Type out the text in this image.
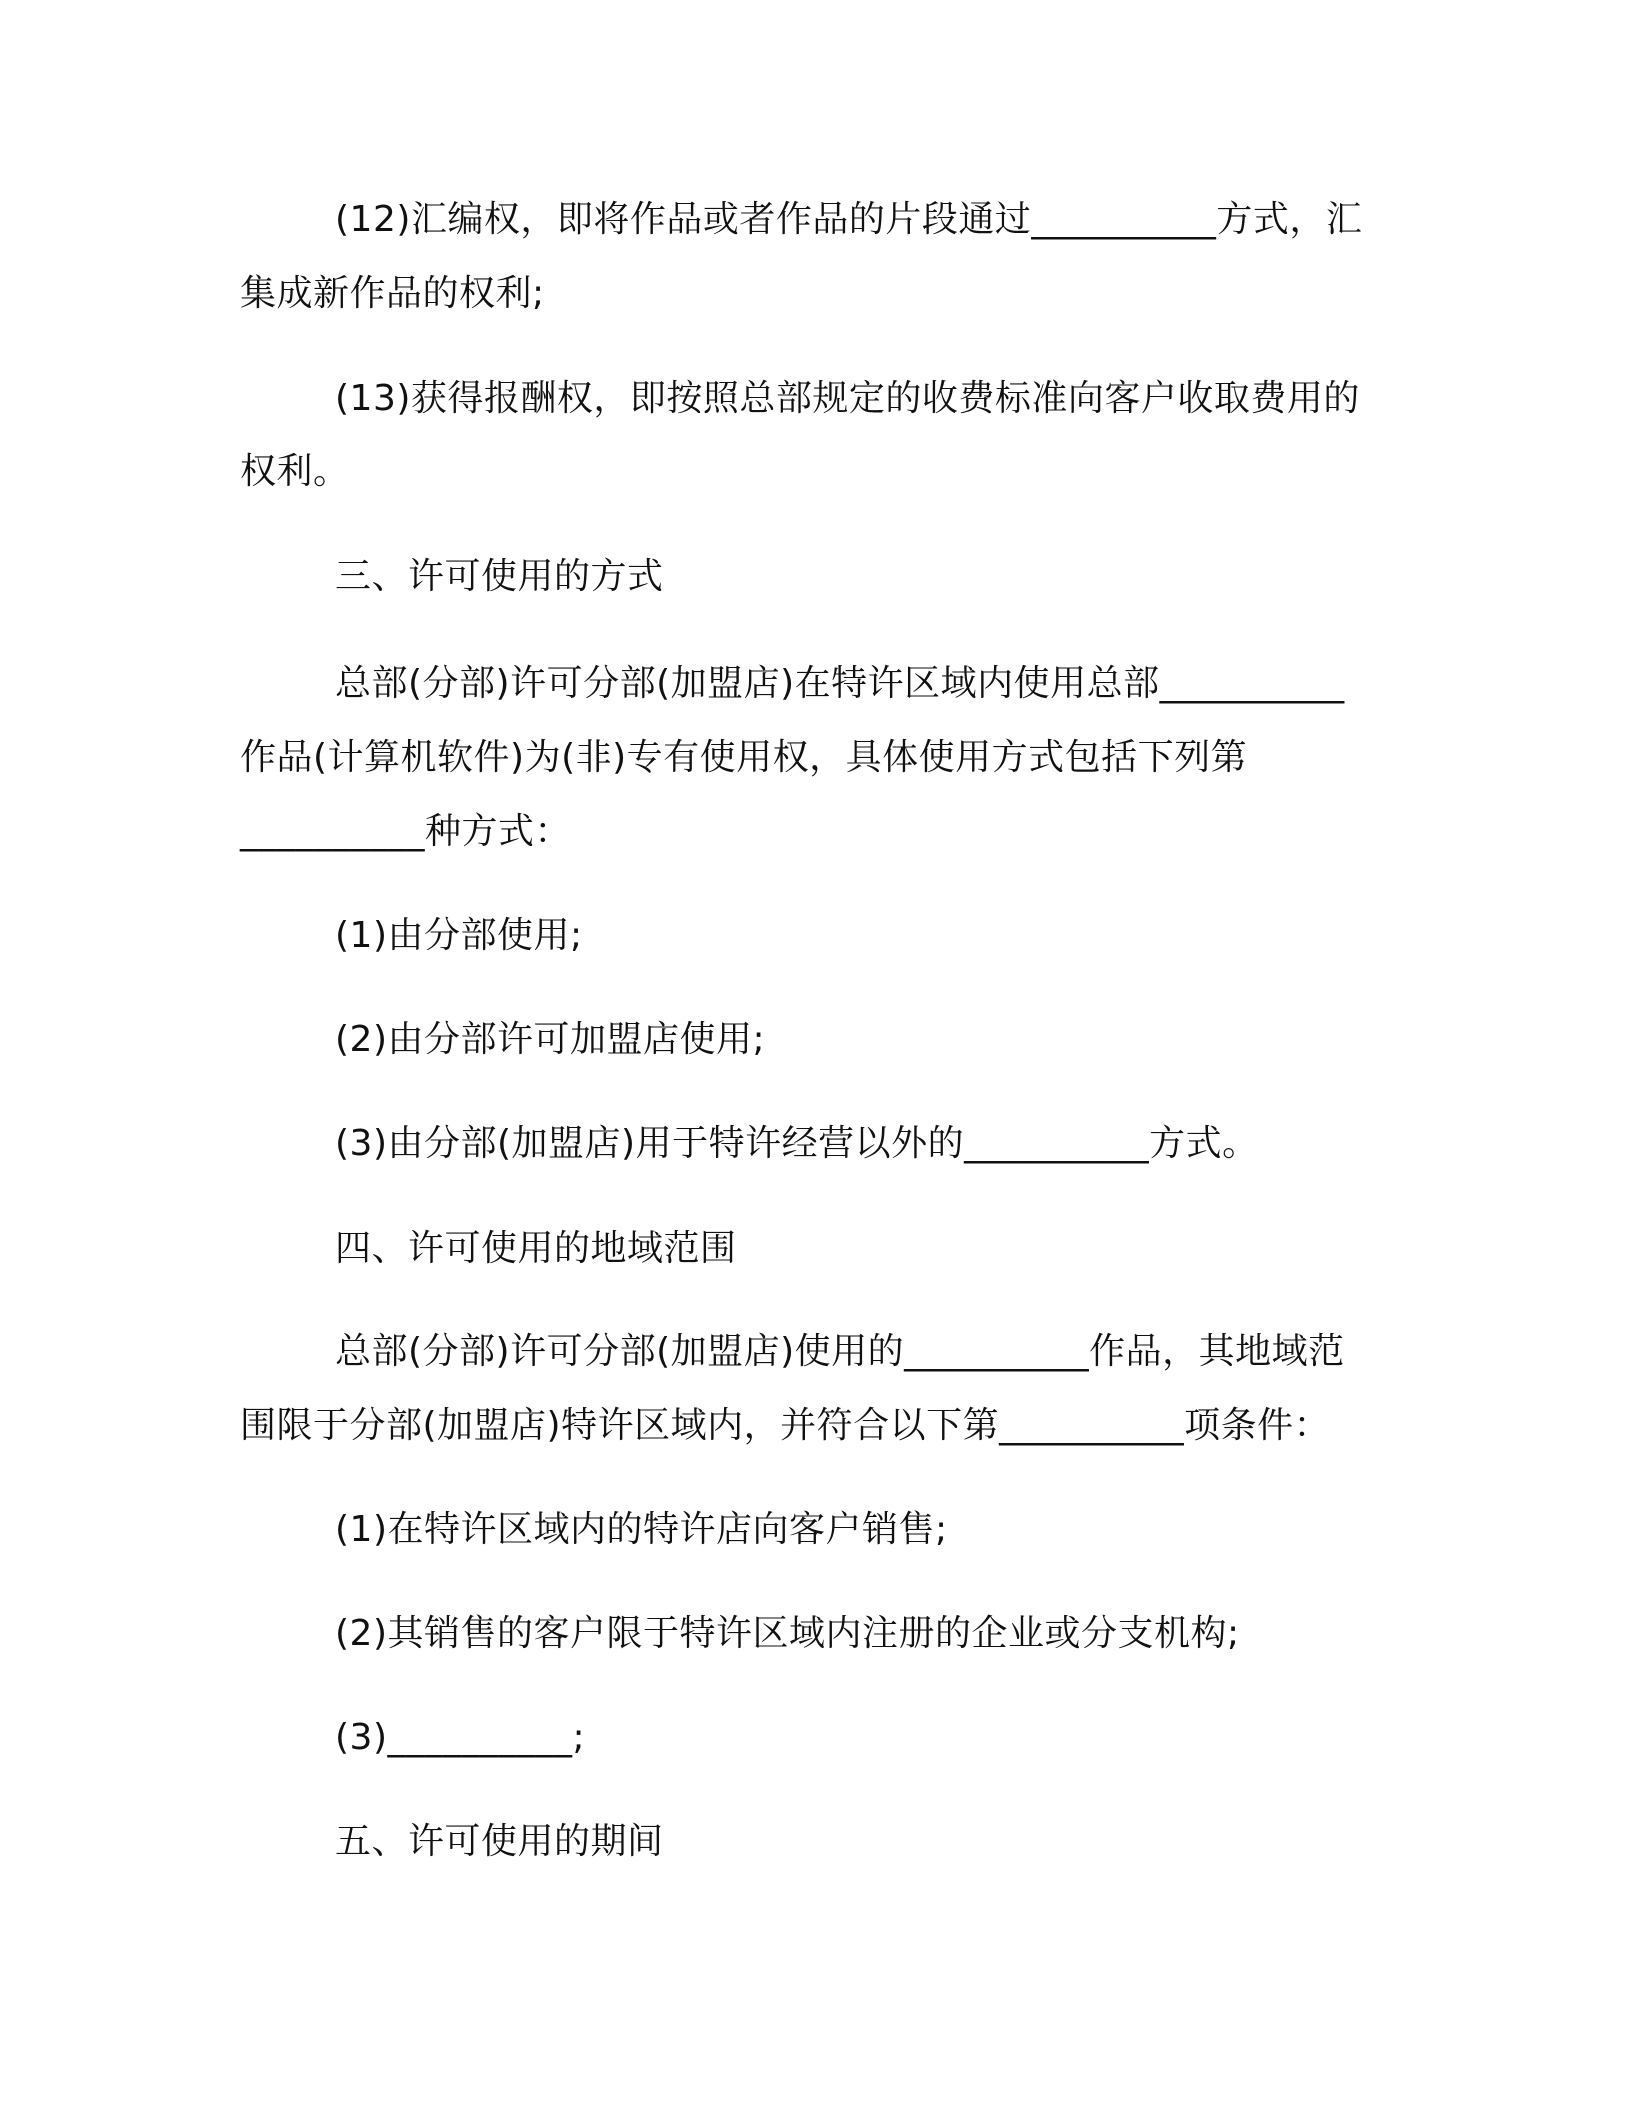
(12)汇编权，即将作品或者作品的片段通过__________方式，汇
集成新作品的权利;
(13)获得报酬权，即按照总部规定的收费标准向客户收取费用的
权利。
三、许可使用的方式
总部(分部)许可分部(加盟店)在特许区域内使用总部__________
作品(计算机软件)为(非)专有使用权，具体使用方式包括下列第
__________种方式：
(1)由分部使用;
(2)由分部许可加盟店使用;
(3)由分部(加盟店)用于特许经营以外的__________方式。
四、许可使用的地域范围
总部(分部)许可分部(加盟店)使用的__________作品，其地域范
围限于分部(加盟店)特许区域内，并符合以下第__________项条件：
(1)在特许区域内的特许店向客户销售;
(2)其销售的客户限于特许区域内注册的企业或分支机构;
(3)__________;
五、许可使用的期间
